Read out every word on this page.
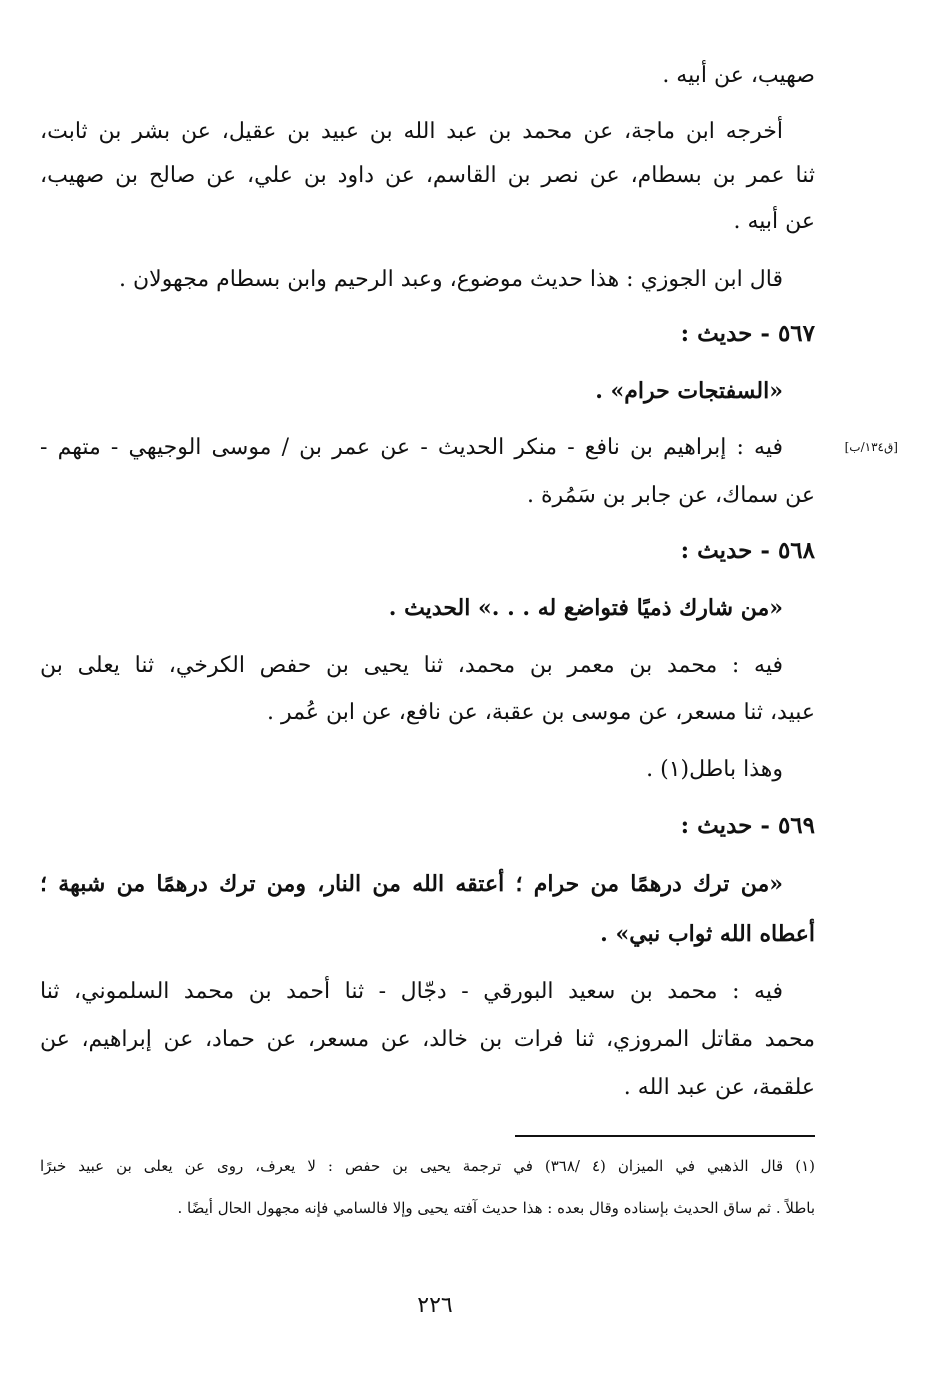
صهيب، عن أبيه .
أخرجه ابن ماجة، عن محمد بن عبد الله بن عبيد بن عقيل، عن بشر بن ثابت،
ثنا عمر بن بسطام، عن نصر بن القاسم، عن داود بن علي، عن صالح بن صهيب،
عن أبيه .
قال ابن الجوزي : هذا حديث موضوع، وعبد الرحيم وابن بسطام مجهولان .
٥٦٧ - حديث :
«السفتجات حرام» .
فيه : إبراهيم بن نافع - منكر الحديث - عن عمر بن / موسى الوجيهي - متهم -
عن سماك، عن جابر بن سَمُرة .
٥٦٨ - حديث :
«من شارك ذميًا فتواضع له . . .» الحديث .
فيه : محمد بن معمر بن محمد، ثنا يحيى بن حفص الكرخي، ثنا يعلى بن
عبيد، ثنا مسعر، عن موسى بن عقبة، عن نافع، عن ابن عُمر .
وهذا باطل(١) .
٥٦٩ - حديث :
«من ترك درهمًا من حرام ؛ أعتقه الله من النار، ومن ترك درهمًا من شبهة ؛
أعطاه الله ثواب نبي» .
فيه : محمد بن سعيد البورقي - دجّال - ثنا أحمد بن محمد السلموني، ثنا
محمد مقاتل المروزي، ثنا فرات بن خالد، عن مسعر، عن حماد، عن إبراهيم، عن
علقمة، عن عبد الله .
(١) قال الذهبي في الميزان (٤ /٣٦٨) في ترجمة يحيى بن حفص : لا يعرف، روى عن يعلى بن عبيد خبرًا
باطلاً . ثم ساق الحديث بإسناده وقال بعده : هذا حديث آفته يحيى وإلا فالسامي فإنه مجهول الحال أيضًا .
[ق١٣٤/ب]
٢٢٦
